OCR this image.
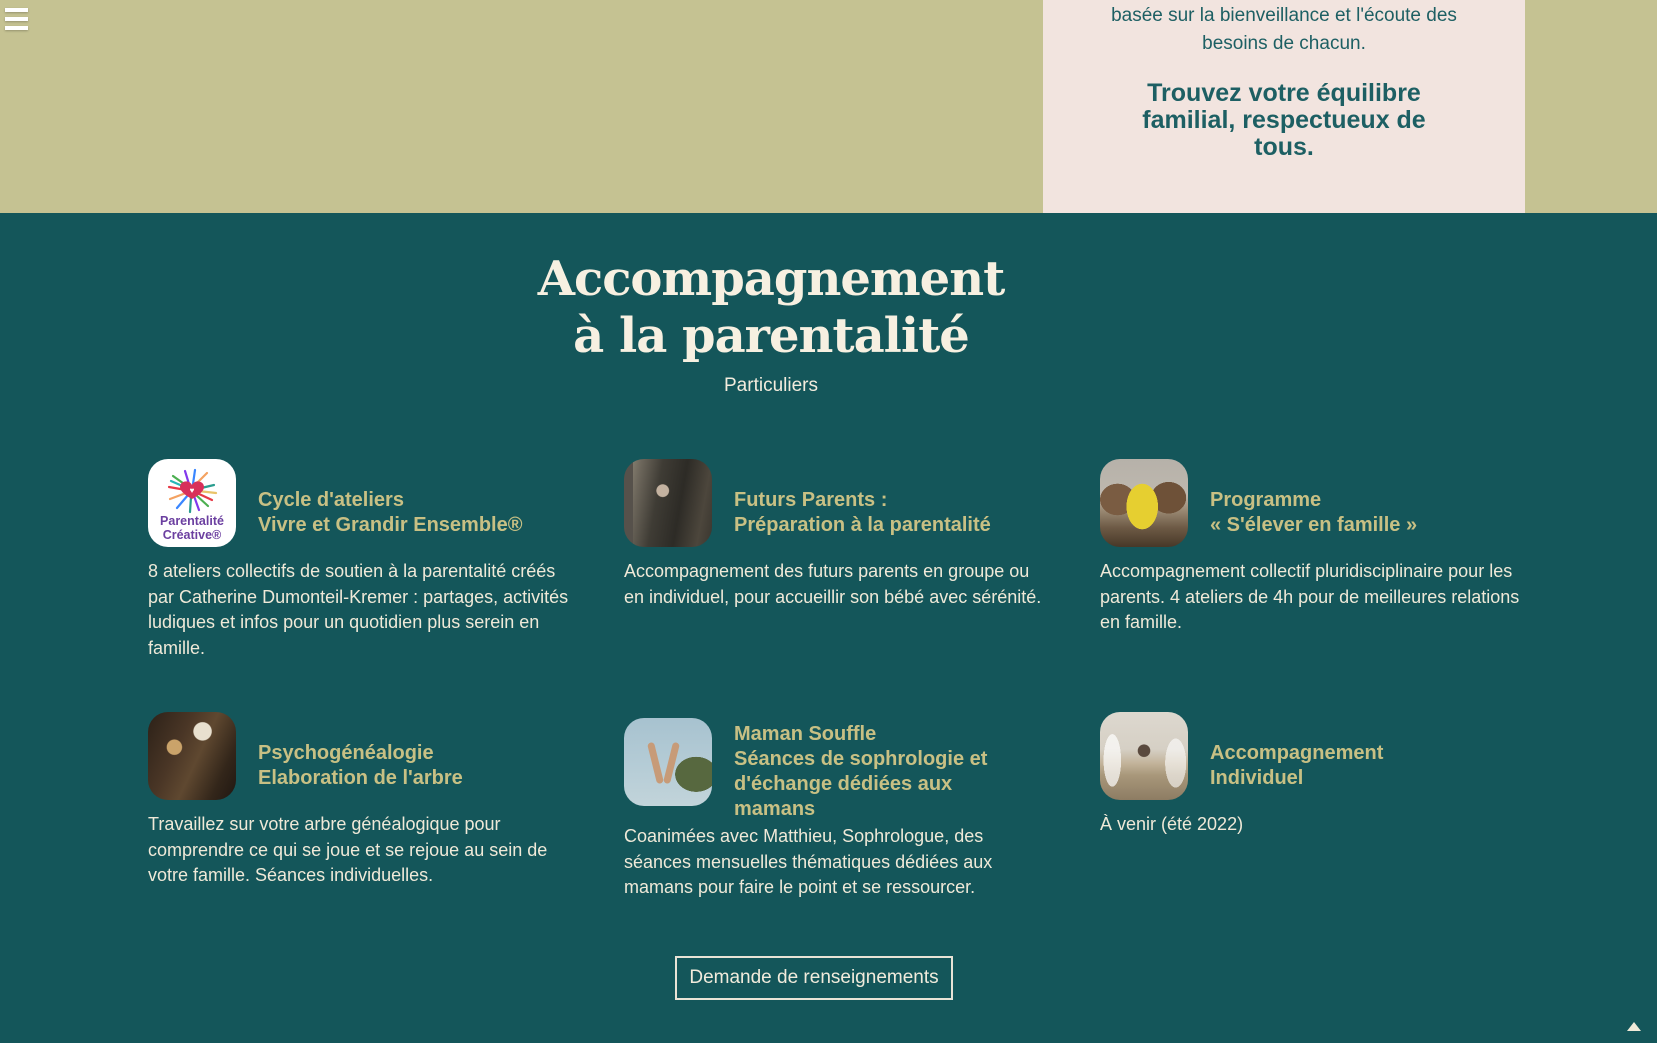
basée sur la bienveillance et l'écoute des besoins de chacun.

Trouvez votre équilibre familial, respectueux de tous.
Accompagnement à la parentalité
Particuliers
♥
Parentalité
Créative®
Cycle d'ateliers
Vivre et Grandir Ensemble®
8 ateliers collectifs de soutien à la parentalité créés par Catherine Dumonteil-Kremer : partages, activités ludiques et infos pour un quotidien plus serein en famille.
Futurs Parents :
Préparation à la parentalité
Accompagnement des futurs parents en groupe ou en individuel, pour accueillir son bébé avec sérénité.
Programme
« S'élever en famille »
Accompagnement collectif pluridisciplinaire pour les parents. 4 ateliers de 4h pour de meilleures relations en famille.
Psychogénéalogie
Elaboration de l'arbre
Travaillez sur votre arbre généalogique pour comprendre ce qui se joue et se rejoue au sein de votre famille. Séances individuelles.
Maman Souffle
Séances de sophrologie et d'échange dédiées aux mamans
Coanimées avec Matthieu, Sophrologue, des séances mensuelles thématiques dédiées aux mamans pour faire le point et se ressourcer.
Accompagnement
Individuel
À venir (été 2022)
Demande de renseignements
